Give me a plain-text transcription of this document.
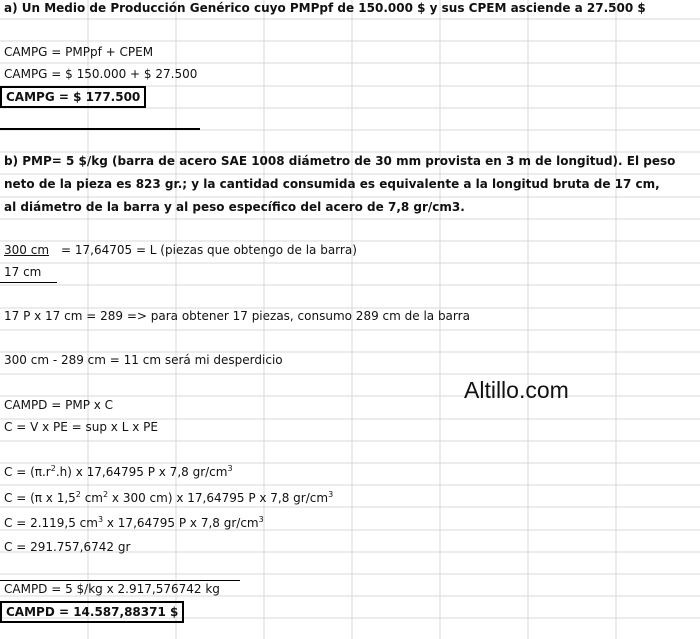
a) Un Medio de Producción Genérico cuyo PMPpf de 150.000 $ y sus CPEM asciende a 27.500 $
CAMPG = PMPpf + CPEM
CAMPG = $ 150.000 + $ 27.500
CAMPG = $ 177.500
b) PMP= 5 $/kg (barra de acero SAE 1008 diámetro de 30 mm provista en 3 m de longitud). El peso
neto de la pieza es 823 gr.; y la cantidad consumida es equivalente a la longitud bruta de 17 cm,
al diámetro de la barra y al peso específico del acero de 7,8 gr/cm3.
300 cm = 17,64705 = L (piezas que obtengo de la barra)
17 cm
17 P x 17 cm = 289 => para obtener 17 piezas, consumo 289 cm de la barra
300 cm - 289 cm = 11 cm será mi desperdicio
Altillo.com
CAMPD = PMP x C
C = V x PE = sup x L x PE
$C = (\pi.r^2.h)$ x 17,64795 P x 7,8 $gr/cm^3$
C = (π x $1,5^2$ $cm^2$ x 300 cm) x 17,64795 P x 7,8 $gr/cm^3$
C = 2.119,5 $cm^3$ x 17,64795 P x 7,8 $gr/cm^3$
C = 291.757,6742 gr
CAMPD = 5 $/kg x 2.917,576742 kg
CAMPD = 14.587,88371 $
